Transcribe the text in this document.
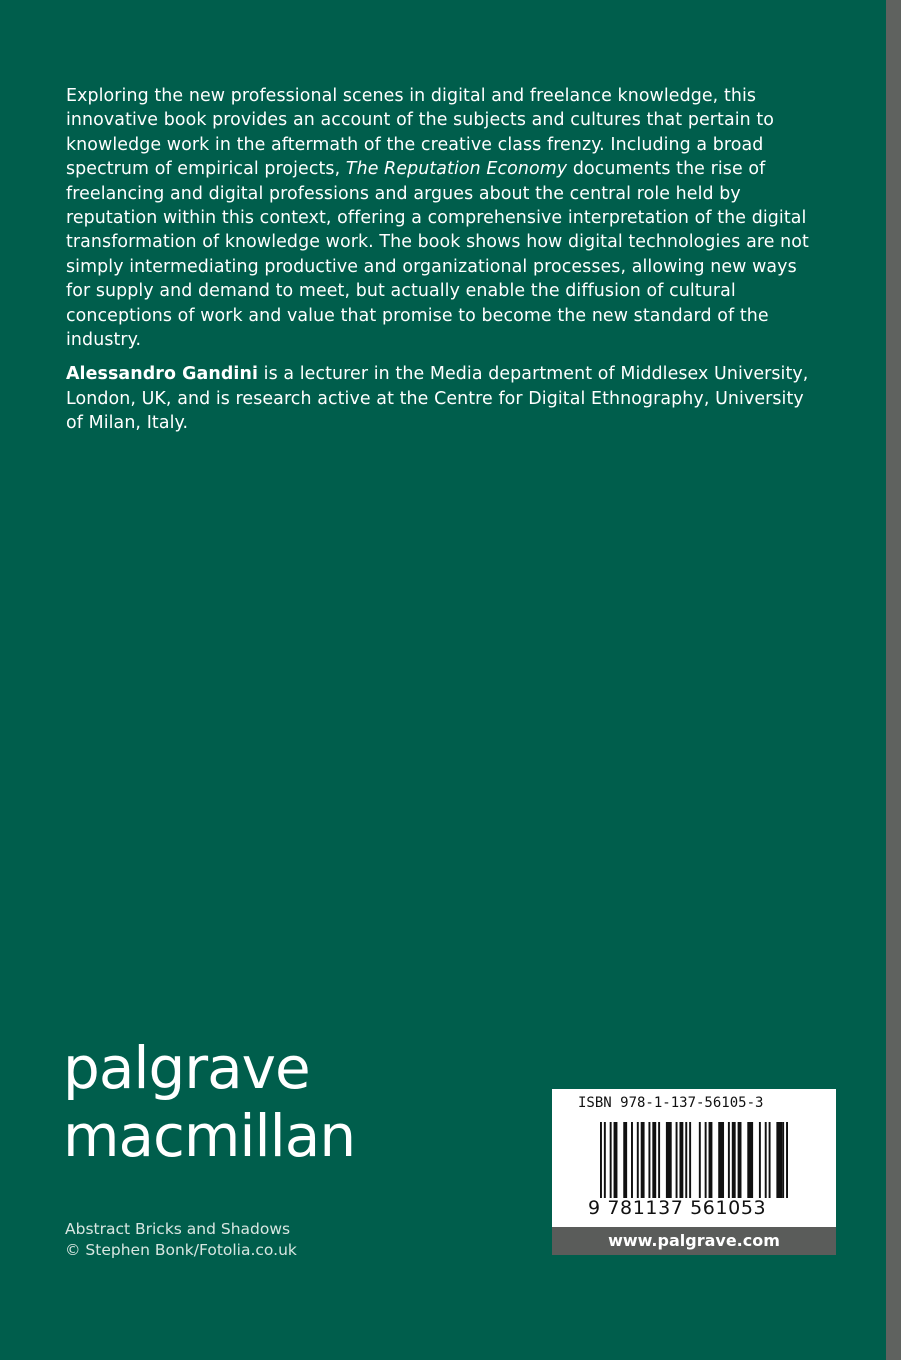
Exploring the new professional scenes in digital and freelance knowledge, this innovative book provides an account of the subjects and cultures that pertain to knowledge work in the aftermath of the creative class frenzy. Including a broad spectrum of empirical projects, The Reputation Economy documents the rise of freelancing and digital professions and argues about the central role held by reputation within this context, offering a comprehensive interpretation of the digital transformation of knowledge work. The book shows how digital technologies are not simply intermediating productive and organizational processes, allowing new ways for supply and demand to meet, but actually enable the diffusion of cultural conceptions of work and value that promise to become the new standard of the industry.

Alessandro Gandini is a lecturer in the Media department of Middlesex University, London, UK, and is research active at the Centre for Digital Ethnography, University of Milan, Italy.

palgrave
macmillan
Abstract Bricks and Shadows
© Stephen Bonk/Fotolia.co.uk
ISBN 978-1-137-56105-3
9 781137 561053
www.palgrave.com
